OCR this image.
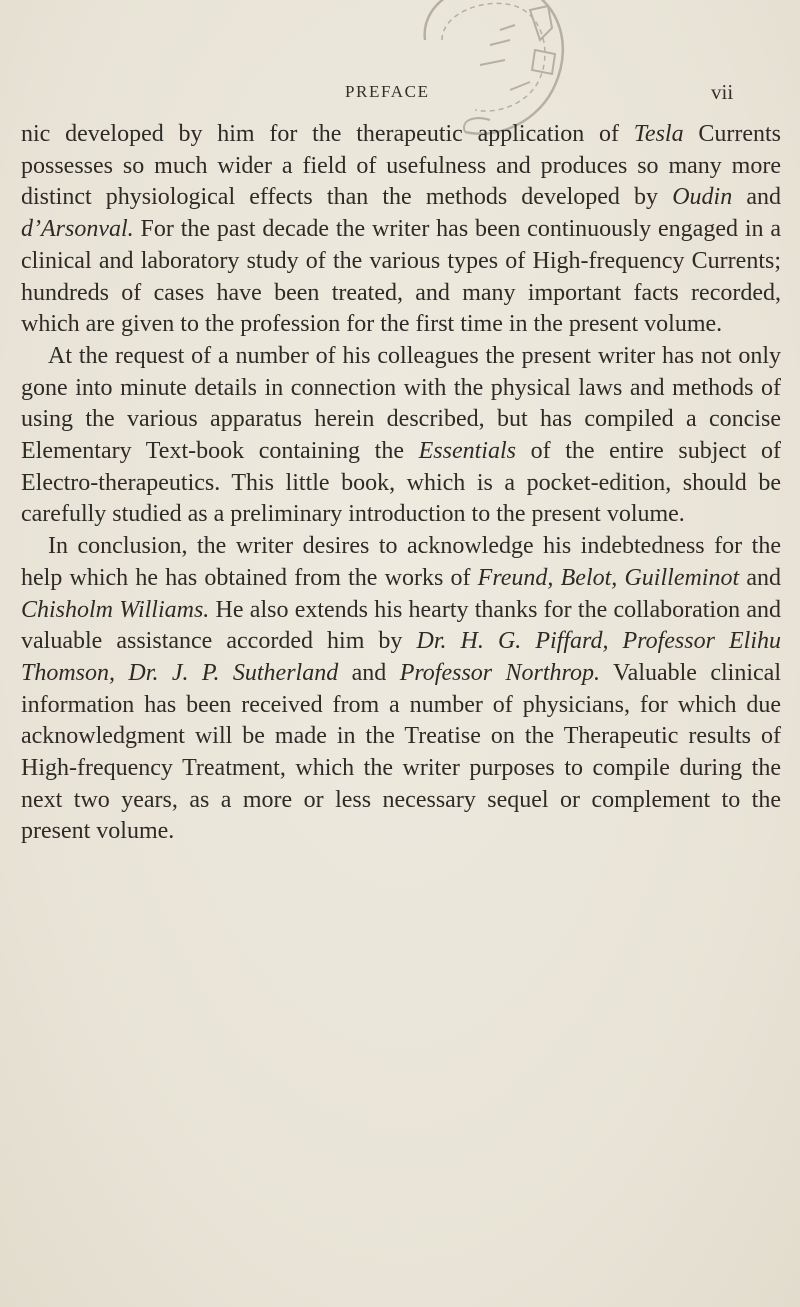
PREFACE	vii

nic developed by him for the therapeutic application of Tesla Currents possesses so much wider a field of usefulness and produces so many more distinct physiological effects than the methods developed by Oudin and d’Arsonval. For the past decade the writer has been continuously engaged in a clinical and laboratory study of the various types of High-frequency Currents; hundreds of cases have been treated, and many important facts recorded, which are given to the profession for the first time in the present volume.

At the request of a number of his colleagues the present writer has not only gone into minute details in connection with the physical laws and methods of using the various apparatus herein described, but has compiled a concise Elementary Text-book containing the Essentials of the entire subject of Electro-therapeutics. This little book, which is a pocket-edition, should be carefully studied as a preliminary introduction to the present volume.

In conclusion, the writer desires to acknowledge his indebtedness for the help which he has obtained from the works of Freund, Belot, Guilleminot and Chisholm Williams. He also extends his hearty thanks for the collaboration and valuable assistance accorded him by Dr. H. G. Piffard, Professor Elihu Thomson, Dr. J. P. Sutherland and Professor Northrop. Valuable clinical information has been received from a number of physicians, for which due acknowledgment will be made in the Treatise on the Therapeutic results of High-frequency Treatment, which the writer purposes to compile during the next two years, as a more or less necessary sequel or complement to the present volume.
